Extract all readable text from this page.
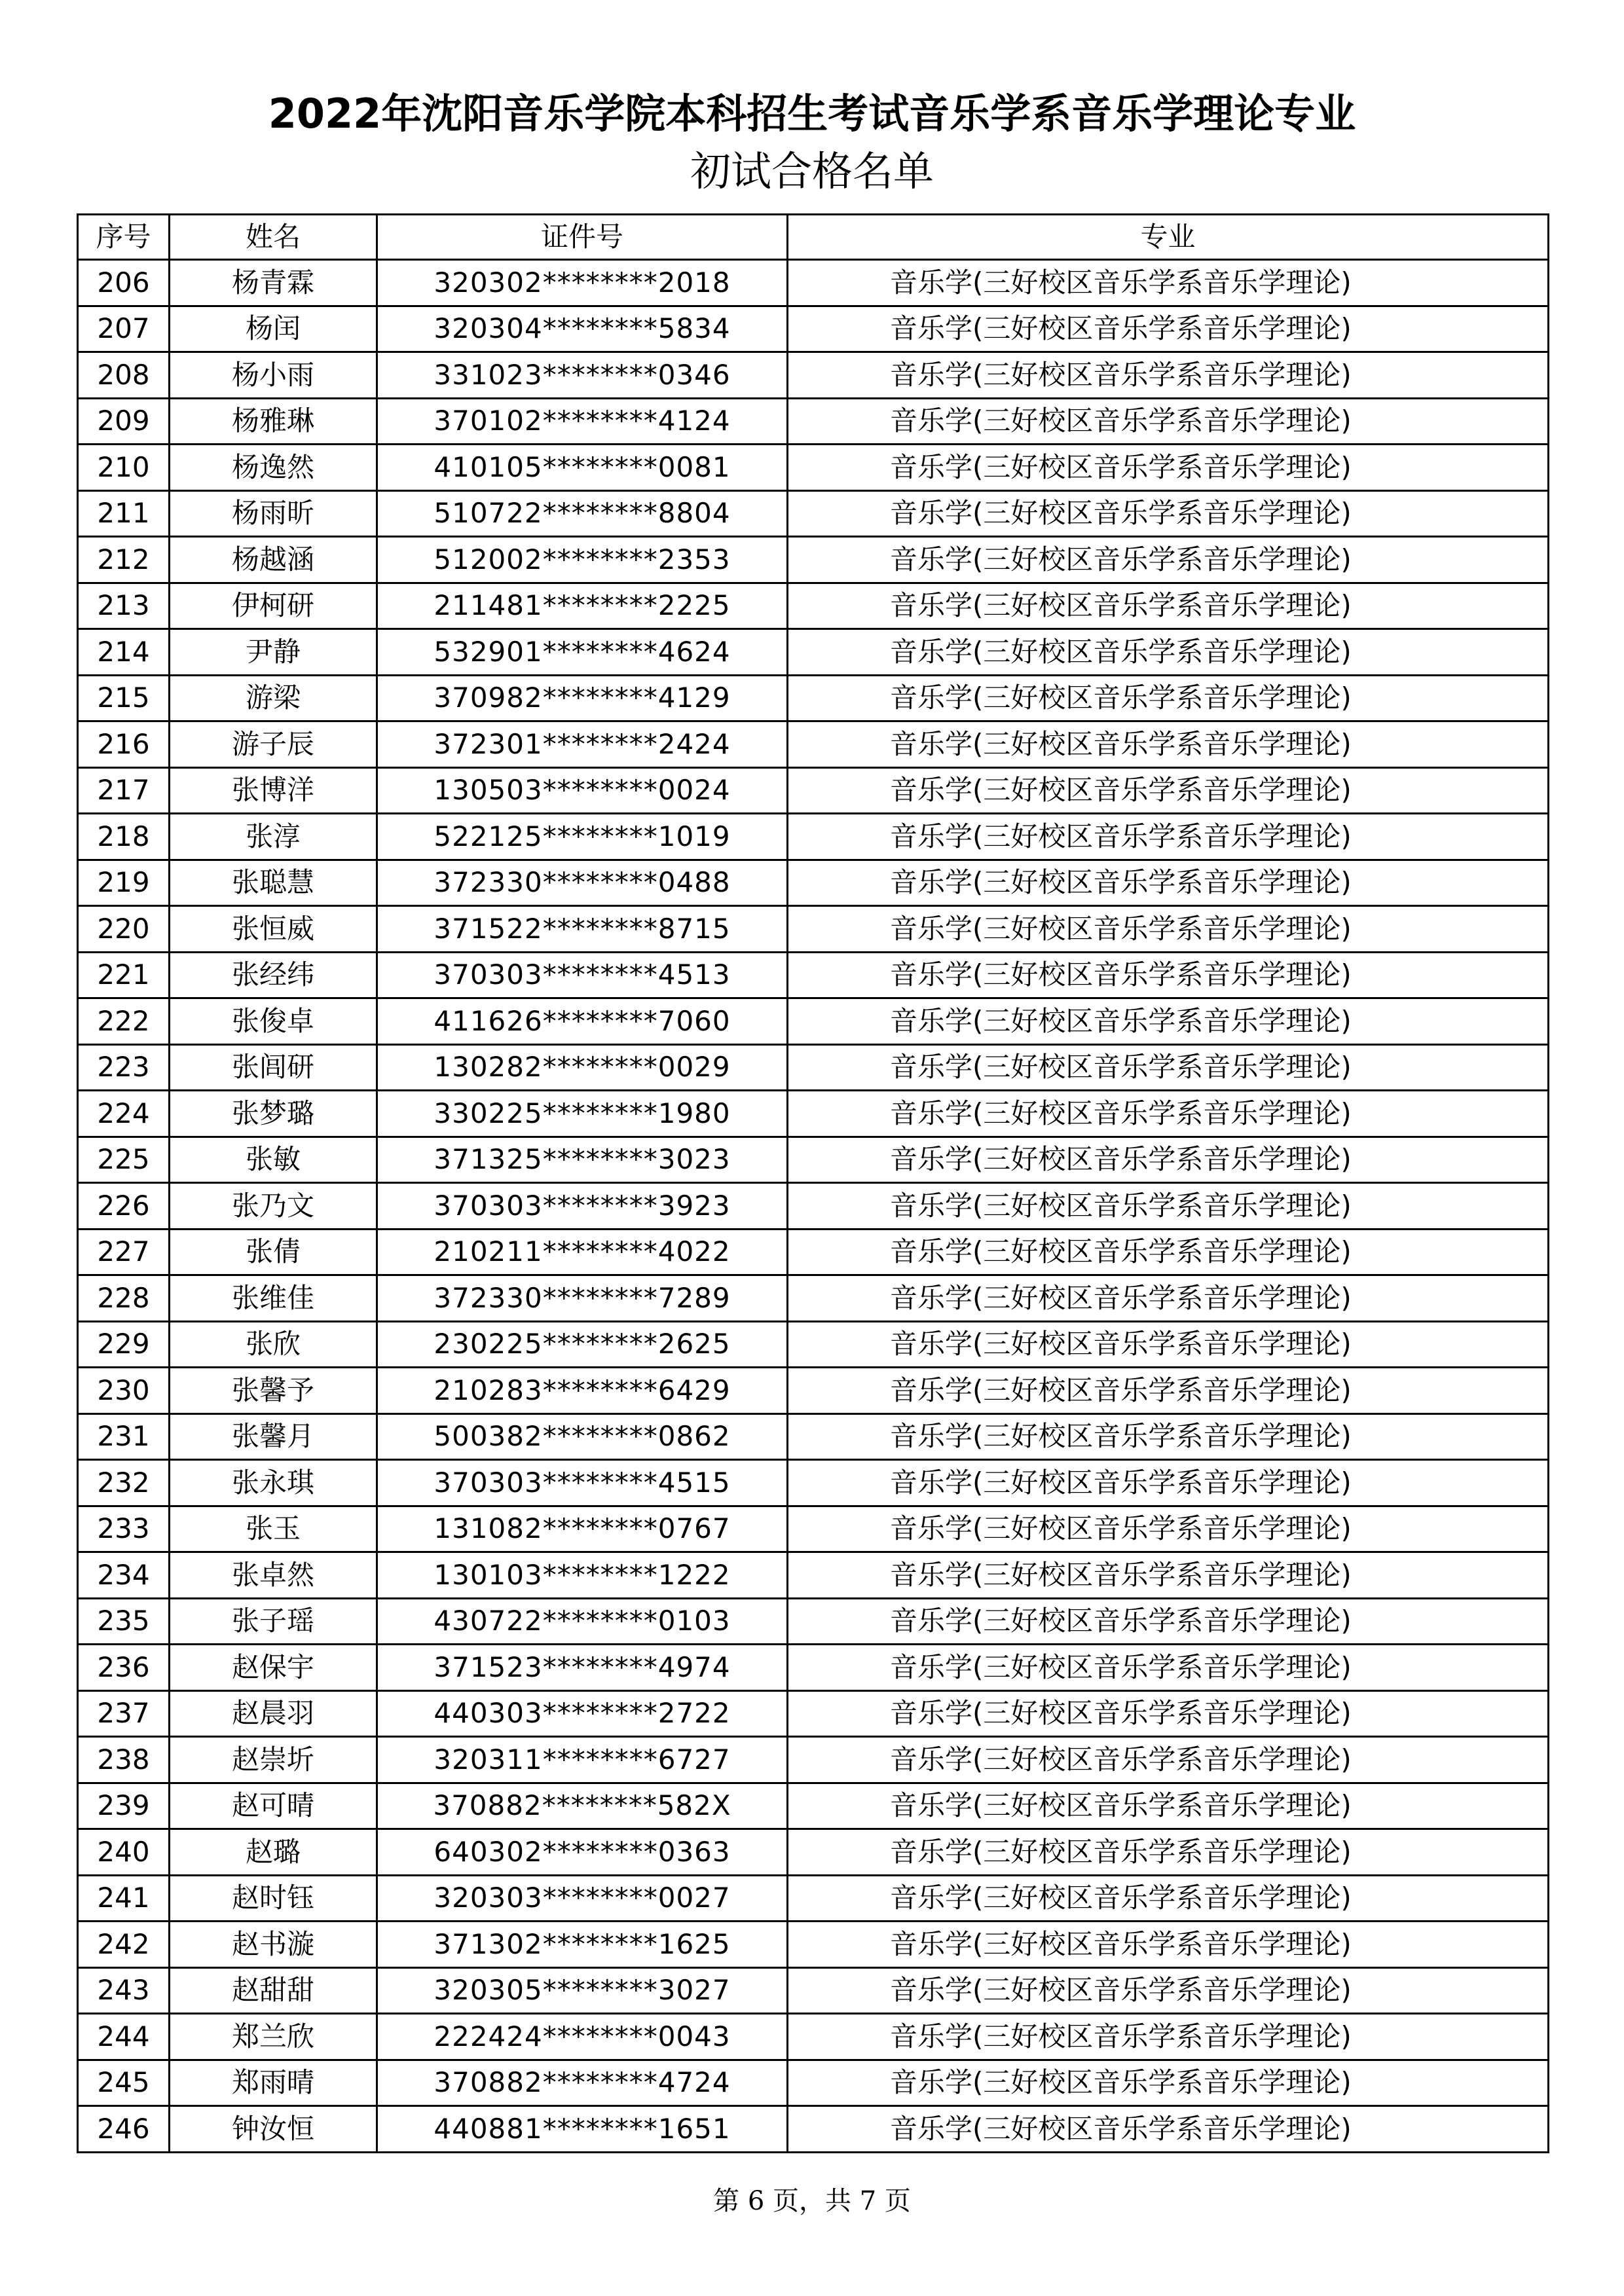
2022年沈阳音乐学院本科招生考试音乐学系音乐学理论专业
初试合格名单
序号	姓名	证件号	专业
206	杨青霖	320302********2018	音乐学(三好校区音乐学系音乐学理论)
207	杨闰	320304********5834	音乐学(三好校区音乐学系音乐学理论)
208	杨小雨	331023********0346	音乐学(三好校区音乐学系音乐学理论)
209	杨雅琳	370102********4124	音乐学(三好校区音乐学系音乐学理论)
210	杨逸然	410105********0081	音乐学(三好校区音乐学系音乐学理论)
211	杨雨昕	510722********8804	音乐学(三好校区音乐学系音乐学理论)
212	杨越涵	512002********2353	音乐学(三好校区音乐学系音乐学理论)
213	伊柯研	211481********2225	音乐学(三好校区音乐学系音乐学理论)
214	尹静	532901********4624	音乐学(三好校区音乐学系音乐学理论)
215	游梁	370982********4129	音乐学(三好校区音乐学系音乐学理论)
216	游子辰	372301********2424	音乐学(三好校区音乐学系音乐学理论)
217	张博洋	130503********0024	音乐学(三好校区音乐学系音乐学理论)
218	张淳	522125********1019	音乐学(三好校区音乐学系音乐学理论)
219	张聪慧	372330********0488	音乐学(三好校区音乐学系音乐学理论)
220	张恒威	371522********8715	音乐学(三好校区音乐学系音乐学理论)
221	张经纬	370303********4513	音乐学(三好校区音乐学系音乐学理论)
222	张俊卓	411626********7060	音乐学(三好校区音乐学系音乐学理论)
223	张闾研	130282********0029	音乐学(三好校区音乐学系音乐学理论)
224	张梦璐	330225********1980	音乐学(三好校区音乐学系音乐学理论)
225	张敏	371325********3023	音乐学(三好校区音乐学系音乐学理论)
226	张乃文	370303********3923	音乐学(三好校区音乐学系音乐学理论)
227	张倩	210211********4022	音乐学(三好校区音乐学系音乐学理论)
228	张维佳	372330********7289	音乐学(三好校区音乐学系音乐学理论)
229	张欣	230225********2625	音乐学(三好校区音乐学系音乐学理论)
230	张馨予	210283********6429	音乐学(三好校区音乐学系音乐学理论)
231	张馨月	500382********0862	音乐学(三好校区音乐学系音乐学理论)
232	张永琪	370303********4515	音乐学(三好校区音乐学系音乐学理论)
233	张玉	131082********0767	音乐学(三好校区音乐学系音乐学理论)
234	张卓然	130103********1222	音乐学(三好校区音乐学系音乐学理论)
235	张子瑶	430722********0103	音乐学(三好校区音乐学系音乐学理论)
236	赵保宇	371523********4974	音乐学(三好校区音乐学系音乐学理论)
237	赵晨羽	440303********2722	音乐学(三好校区音乐学系音乐学理论)
238	赵崇圻	320311********6727	音乐学(三好校区音乐学系音乐学理论)
239	赵可晴	370882********582X	音乐学(三好校区音乐学系音乐学理论)
240	赵璐	640302********0363	音乐学(三好校区音乐学系音乐学理论)
241	赵时钰	320303********0027	音乐学(三好校区音乐学系音乐学理论)
242	赵书漩	371302********1625	音乐学(三好校区音乐学系音乐学理论)
243	赵甜甜	320305********3027	音乐学(三好校区音乐学系音乐学理论)
244	郑兰欣	222424********0043	音乐学(三好校区音乐学系音乐学理论)
245	郑雨晴	370882********4724	音乐学(三好校区音乐学系音乐学理论)
246	钟汝恒	440881********1651	音乐学(三好校区音乐学系音乐学理论)
第 6 页，共 7 页
